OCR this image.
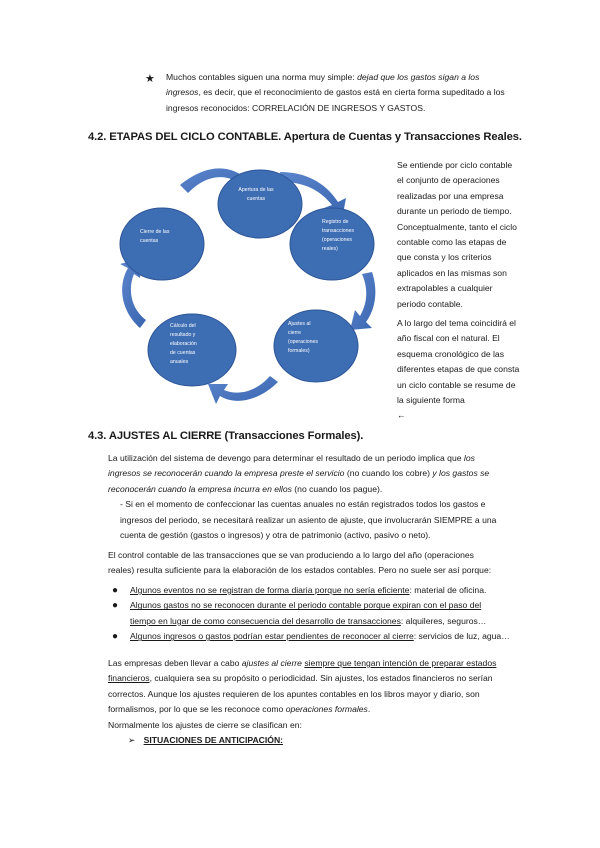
★ Muchos contables siguen una norma muy simple: dejad que los gastos sigan a los
ingresos, es decir, que el reconocimiento de gastos está en cierta forma supeditado a los
ingresos reconocidos: CORRELACIÓN DE INGRESOS Y GASTOS.
4.2. ETAPAS DEL CICLO CONTABLE. Apertura de Cuentas y Transacciones Reales.
Apertura de las cuentas
Registro de
transacciones
(operaciones
reales)
Ajustes al
cierre
(operaciones
formales)
Cálculo del
resultado y
elaboración
de cuentas
anuales
Cierre de las
cuentas
Se entiende por ciclo contable
el conjunto de operaciones
realizadas por una empresa
durante un periodo de tiempo.
Conceptualmente, tanto el ciclo
contable como las etapas de
que consta y los criterios
aplicados en las mismas son
extrapolables a cualquier
periodo contable.
A lo largo del tema coincidirá el
año fiscal con el natural. El
esquema cronológico de las
diferentes etapas de que consta
un ciclo contable se resume de
la siguiente forma
←
4.3. AJUSTES AL CIERRE (Transacciones Formales).
La utilización del sistema de devengo para determinar el resultado de un periodo implica que los
ingresos se reconocerán cuando la empresa preste el servicio (no cuando los cobre) y los gastos se
reconocerán cuando la empresa incurra en ellos (no cuando los pague).
- Si en el momento de confeccionar las cuentas anuales no están registrados todos los gastos e
ingresos del periodo, se necesitará realizar un asiento de ajuste, que involucrarán SIEMPRE a una
cuenta de gestión (gastos o ingresos) y otra de patrimonio (activo, pasivo o neto).
El control contable de las transacciones que se van produciendo a lo largo del año (operaciones
reales) resulta suficiente para la elaboración de los estados contables. Pero no suele ser así porque:
● Algunos eventos no se registran de forma diaria porque no sería eficiente: material de oficina.
● Algunos gastos no se reconocen durante el periodo contable porque expiran con el paso del
tiempo en lugar de como consecuencia del desarrollo de transacciones: alquileres, seguros…
● Algunos ingresos o gastos podrían estar pendientes de reconocer al cierre: servicios de luz, agua…
Las empresas deben llevar a cabo ajustes al cierre siempre que tengan intención de preparar estados
financieros, cualquiera sea su propósito o periodicidad. Sin ajustes, los estados financieros no serían
correctos. Aunque los ajustes requieren de los apuntes contables en los libros mayor y diario, son
formalismos, por lo que se les reconoce como operaciones formales.
Normalmente los ajustes de cierre se clasifican en:
➢ SITUACIONES DE ANTICIPACIÓN:
